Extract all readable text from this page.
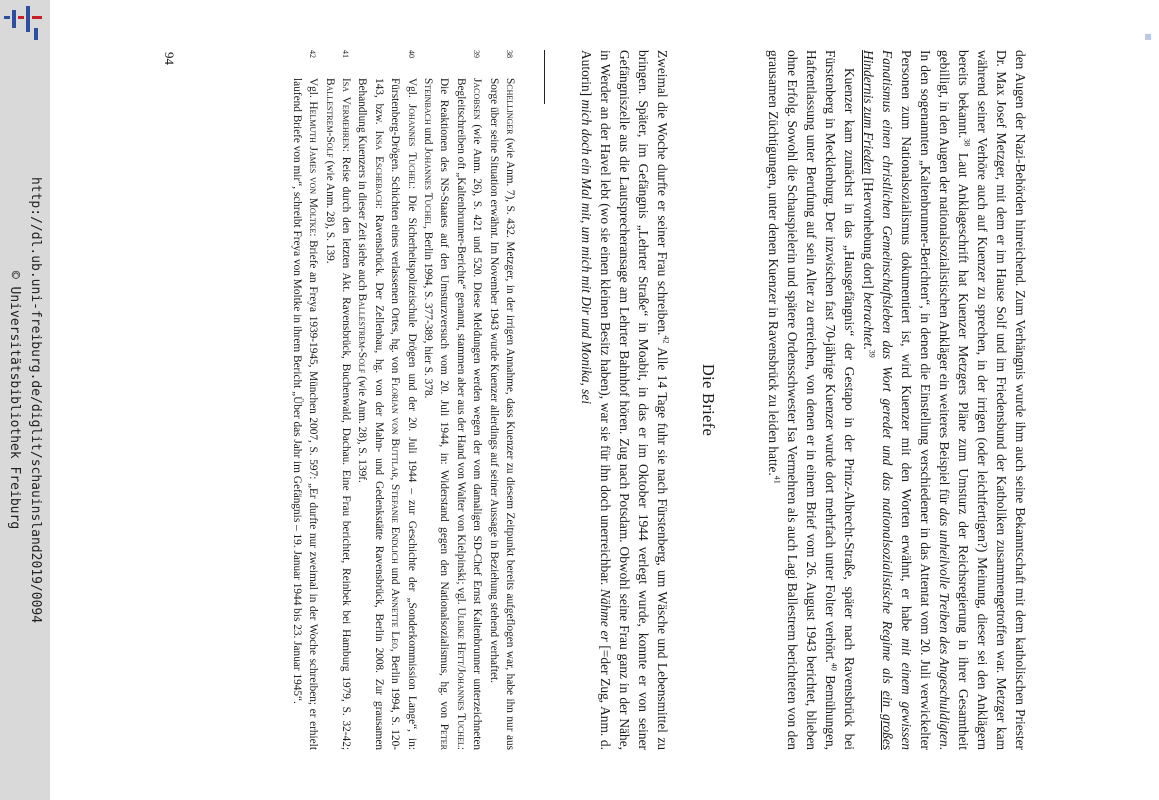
http://dl.ub.uni-freiburg.de/diglit/schauinsland2019/0094
© Universitätsbibliothek Freiburg
▪

den Augen der Nazi-Behörden hinreichend. Zum Verhängnis wurde ihm auch seine Bekanntschaft mit dem katholischen Priester Dr. Max Josef Metzger, mit dem er im Hause Solf und im Friedensbund der Katholiken zusammengetroffen war. Metzger kam während seiner Verhöre auch auf Kuenzer zu sprechen, in der irrigen (oder leichtfertigen?) Meinung, dieser sei den Anklägern bereits bekannt.$^{38}$ Laut Anklageschrift hat Kuenzer Metzgers Pläne zum Umsturz der Reichsregierung in ihrer Gesamtheit gebilligt, in den Augen der nationalsozialistischen Ankläger ein weiteres Beispiel für das unheilvolle Treiben des Angeschuldigten. In den sogenannten „Kaltenbrunner-Berichten“, in denen die Einstellung verschiedener in das Attentat vom 20. Juli verwickelter Personen zum Nationalsozialismus dokumentiert ist, wird Kuenzer mit den Worten erwähnt, er habe mit einem gewissen Fanatismus einen christlichen Gemeinschaftsleben das Wort geredet und das nationalsozialistische Regime als ein großes Hindernis zum Frieden [Hervorhebung dort] betrachtet.$^{39}$

Kuenzer kam zunächst in das „Hausgefängnis“ der Gestapo in der Prinz-Albrecht-Straße, später nach Ravensbrück bei Fürstenberg in Mecklenburg. Der inzwischen fast 70-jährige Kuenzer wurde dort mehrfach unter Folter verhört.$^{40}$ Bemühungen, Haftentlassung unter Berufung auf sein Alter zu erreichen, von denen er in einem Brief vom 26. August 1943 berichtet, blieben ohne Erfolg. Sowohl die Schauspielerin und spätere Ordensschwester Isa Vermehren als auch Lagi Ballestrem berichteten von den grausamen Züchtigungen, unter denen Kuenzer in Ravensbrück zu leiden hatte.$^{41}$

Die Briefe

Zweimal die Woche durfte er seiner Frau schreiben.$^{42}$ Alle 14 Tage fuhr sie nach Fürstenberg, um Wäsche und Lebensmittel zu bringen. Später, im Gefängnis „Lehrter Straße“ in Moabit, in das er im Oktober 1944 verlegt wurde, konnte er von seiner Gefängniszelle aus die Lautsprecheransage am Lehrter Bahnhof hören. Zug nach Potsdam. Obwohl seine Frau ganz in der Nähe, in Werder an der Havel lebt (wo sie einen kleinen Besitz haben), war sie für ihn doch unerreichbar. Nähme er [=der Zug, Anm. d. Autorin] mich doch ein Mal mit, um mich mit Dir und Monika, sei

38
Schellinger (wie Anm. 7), S. 432. Metzger, in der irrigen Annahme, dass Kuenzer zu diesem Zeitpunkt bereits aufgeflogen war, habe ihn nur aus Sorge über seine Situation erwähnt. Im November 1943 wurde Kuenzer allerdings auf seiner Aussage in Beziehung stehend verhaftet.
39
Jacobsen (wie Anm. 26), S. 421 und 520. Diese Meldungen werden wegen der vom damaligen SD-Chef Ernst Kaltenbrunner unterzeichneten Begleitschreiben oft „Kaltenbrunner-Berichte“ genannt, stammen aber aus der Hand von Walter von Kielpinski; vgl. Ulrike Hett/Johannes Tuchel: Die Reaktionen des NS-Staates auf den Umsturzversuch vom 20. Juli 1944, in: Widerstand gegen den Nationalsozialismus, hg. von Peter Steinbach und Johannes Tuchel, Berlin 1994, S. 377-389, hier S. 378.
40
Vgl. Johannes Tuchel: Die Sicherheitspolizeischule Drögen und der 20. Juli 1944 – zur Geschichte der „Sonderkommission Lange“, in: Fürstenberg-Drögen. Schichten eines verlassenen Ortes, hg. von Florian von Buttlar, Stefanie Endlich und Annette Leo, Berlin 1994, S. 120-143, bzw. Insa Eschebach: Ravensbrück. Der Zellenbau, hg. von der Mahn- und Gedenkstätte Ravensbrück, Berlin 2008. Zur grausamen Behandlung Kuenzers in dieser Zeit siehe auch Ballestrem-Solf (wie Anm. 28), S. 139f.
41
Isa Vermehren: Reise durch den letzten Akt. Ravensbrück, Buchenwald, Dachau. Eine Frau berichtet, Reinbek bei Hamburg 1979, S. 32-42; Ballestrem-Solf (wie Anm. 28), S. 139.
42
Vgl. Helmuth James von Moltke: Briefe an Freya 1939-1945, München 2007, S. 597: „Er durfte nur zweimal in der Woche schreiben; er erhielt laufend Briefe von mir“, schreibt Freya von Moltke in ihrem Bericht „Über das Jahr im Gefängnis – 19. Januar 1944 bis 23. Januar 1945“.
94
